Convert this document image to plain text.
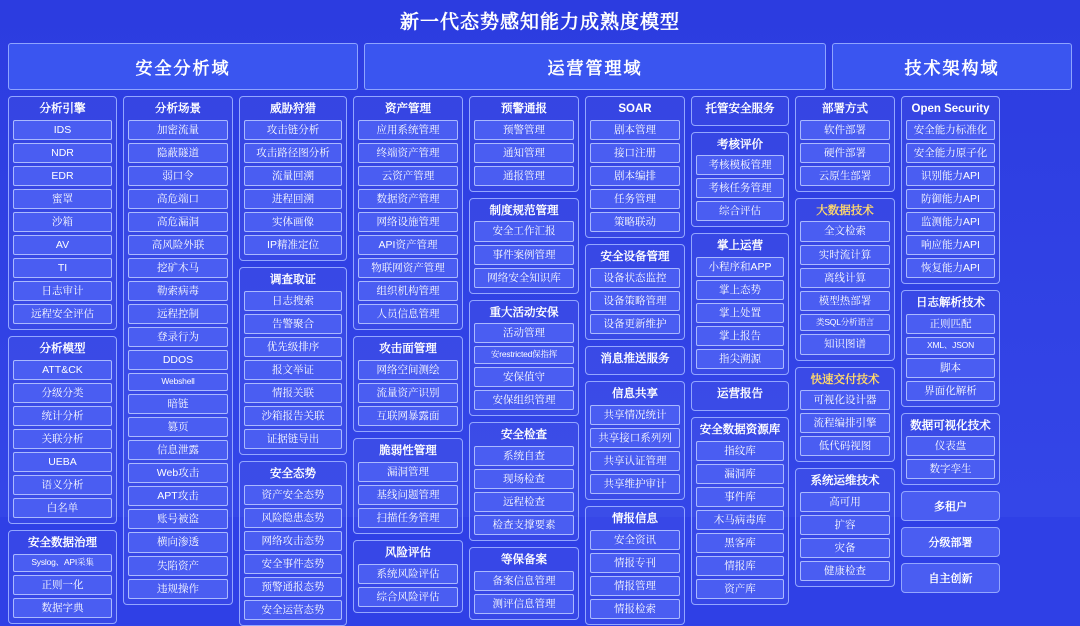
新一代态势感知能力成熟度模型
安全分析域	运营管理域	技术架构域
分析引擎
IDS
NDR
EDR
蜜罩
沙箱
AV
TI
日志审计
远程安全评估
分析模型
ATT&CK
分级分类
统计分析
关联分析
UEBA
语义分析
白名单
安全数据治理
Syslog、API采集
正则一化
数据字典
分析场景
加密流量
隐蔽隧道
弱口令
高危端口
高危漏洞
高风险外联
挖矿木马
勒索病毒
远程控制
登录行为
DDOS
Webshell
暗链
篡页
信息泄露
Web攻击
APT攻击
账号被盗
横向渗透
失陷资产
违规操作
威胁狩猎
攻击链分析
攻击路径图分析
流量回溯
进程回溯
实体画像
IP精准定位
调查取证
日志搜索
告警聚合
优先级排序
报文举证
情报关联
沙箱报告关联
证据链导出
安全态势
资产安全态势
风险隐患态势
网络攻击态势
安全事件态势
预警通报态势
安全运营态势
资产管理
应用系统管理
终端资产管理
云资产管理
数据资产管理
网络设施管理
API资产管理
物联网资产管理
组织机构管理
人员信息管理
攻击面管理
网络空间测绘
流量资产识别
互联网暴露面
脆弱性管理
漏洞管理
基线问题管理
扫描任务管理
风险评估
系统风险评估
综合风险评估
预警通报
预警管理
通知管理
通报管理
制度规范管理
安全工作汇报
事件案例管理
网络安全知识库
重大活动安保
活动管理
安restricted保指挥
安保值守
安保组织管理
安全检查
系统自查
现场检查
远程检查
检查支撑要素
等保备案
备案信息管理
测评信息管理
SOAR
剧本管理
接口注册
剧本编排
任务管理
策略联动
安全设备管理
设备状态监控
设备策略管理
设备更新维护
消息推送服务
信息共享
共享情况统计
共享接口系列列
共享认证管理
共享维护审计
情报信息
安全资讯
情报专刊
情报管理
情报检索
托管安全服务
考核评价
考核模板管理
考核任务管理
综合评估
掌上运营
小程序和APP
掌上态势
掌上处置
掌上报告
指尖溯源
运营报告
安全数据资源库
指纹库
漏洞库
事件库
木马病毒库
黑客库
情报库
资产库
部署方式
软件部署
硬件部署
云原生部署
大数据技术
全文检索
实时流计算
离线计算
模型热部署
类SQL分析语言
知识图谱
快速交付技术
可视化设计器
流程编排引擎
低代码视图
系统运维技术
高可用
扩容
灾备
健康检查
Open Security
安全能力标准化
安全能力原子化
识别能力API
防御能力API
监测能力API
响应能力API
恢复能力API
日志解析技术
正则匹配
XML、JSON
脚本
界面化解析
数据可视化技术
仪表盘
数字孪生
多租户
分级部署
自主创新
